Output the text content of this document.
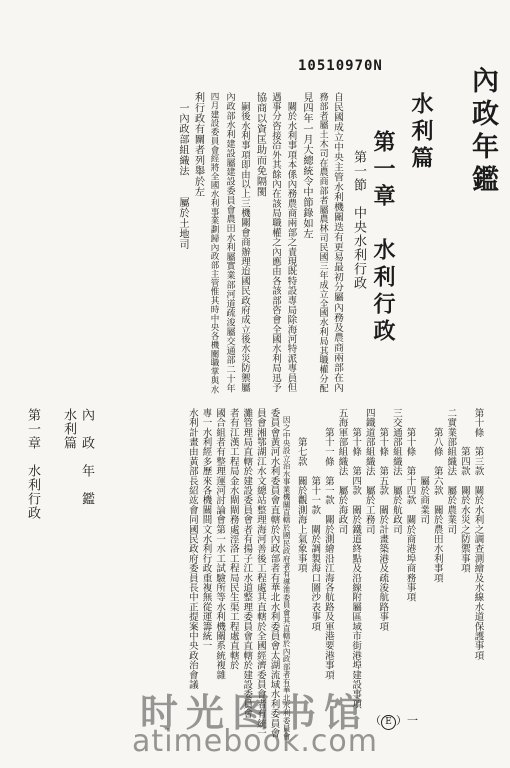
10510970N	內政年鑑
水利篇
第一章　水利行政
第一節　中央水利行政
自民國成立中央主管水利機關迭有更易最初分屬內務及農商兩部在內
務部者屬土木司在農商部者屬農林司民國三年成立全國水利局其職權分配
見四年一月大總統令中節錄如左
　關於水利事項本係內務農商兩部之責現既特設專局除海河特派專員但
遇事分咨接洽外其餘內在該局職權之內應由各該部咨會全國水利局迅予
協商以資匡助而免隔閡
　嗣後水利事項即由以上三機關會商辦理迨國民政府成立後水災防禦屬
內政部水利建設屬建設委員會農田水利屬實業部河道疏浚屬交通部二十年
四月建設委員會經將全國水利事業劃歸內政部主管惟其時中央各機關職掌與水
利行政有關者列舉於左
　一內政部組織法　　屬於土地司
第十條　第三款　關於水利之調查測繪及水線水道保護事項
　　　　第四款　關於水災之防禦事項
二實業部組織法　屬於農業司
　　第八條　第六款　關於農田水利事項
　　　　　　　屬於商業司
　　第十條　第十四款　關於商港埠商務事項
三交通部組織法　屬於航政司
　　第十條　第五款　關於計畫築港及疏浚航路事項
四鐵道部組織法　屬於工務司
　　第十條　第四款　關於鐵道終點及沿線附屬區域市街港埠建設事項
五海軍部組織法　屬於海政司
　　第十一條　第一款　關於測繪沿江海各航路及軍港要港事項
　　　　　　　第十一款　關於調製海口圖沙表事項
　　　第七款　關於觀測海上氣象事項
　因之中央設立治水事業機關直轄於國民政府者有導淮委員會其直轄於內政部者有華北水利委員會
委員會黃河水利委員會直轄於內政部者有華北水利委員會太湖流域水利委員會
員會湘鄂湖江水文總站整理海河善後工程處其直轄於全國經濟委員會者有統一
灘管理局直轄於建設委員會者有揚子江水道整理委員會直轄於建設委員會
者有江漢工程局金水閘閘務處涇洛工程局民生渠工程處直轄於
國合組者有整理運河討論會第一水工試驗所等水利機關系統複雜
專一水利經多歷來各機關間文水利行政重複無從運籌統一
水利計畫由黃部長紹竑會同國民政府委員長中正提案中央政治會議
內　政　年　鑑
水利篇
第一章　水利行政
（ E ）一
时光图书馆
atimebook.com
